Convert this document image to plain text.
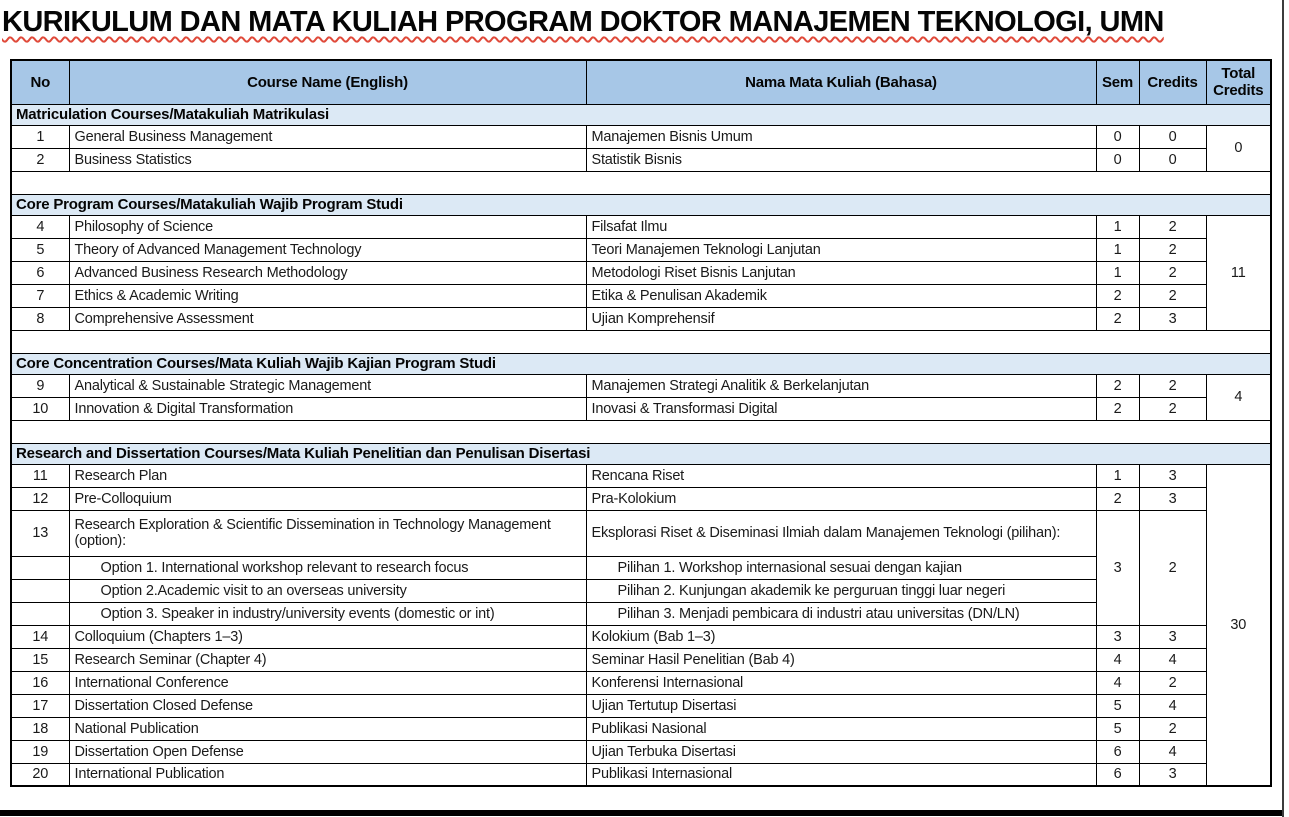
KURIKULUM DAN MATA KULIAH PROGRAM DOKTOR MANAJEMEN TEKNOLOGI, UMN
No	Course Name (English)	Nama Mata Kuliah (Bahasa)	Sem	Credits	Total Credits
Matriculation Courses/Matakuliah Matrikulasi					
1	General Business Management	Manajemen Bisnis Umum	0	0	0
2	Business Statistics	Statistik Bisnis	0	0	

Core Program Courses/Matakuliah Wajib Program Studi					
4	Philosophy of Science	Filsafat Ilmu	1	2	11
5	Theory of Advanced Management Technology	Teori Manajemen Teknologi Lanjutan	1	2	
6	Advanced Business Research Methodology	Metodologi Riset Bisnis Lanjutan	1	2	
7	Ethics & Academic Writing	Etika & Penulisan Akademik	2	2	
8	Comprehensive Assessment	Ujian Komprehensif	2	3	

Core Concentration Courses/Mata Kuliah Wajib Kajian Program Studi					
9	Analytical & Sustainable Strategic Management	Manajemen Strategi Analitik & Berkelanjutan	2	2	4
10	Innovation & Digital Transformation	Inovasi & Transformasi Digital	2	2	

Research and Dissertation Courses/Mata Kuliah Penelitian dan Penulisan Disertasi					
11	Research Plan	Rencana Riset	1	3	30
12	Pre-Colloquium	Pra-Kolokium	2	3	
13	Research Exploration & Scientific Dissemination in Technology Management (option):	Eksplorasi Riset & Diseminasi Ilmiah dalam Manajemen Teknologi (pilihan):	3	2	
	Option 1. International workshop relevant to research focus	Pilihan 1. Workshop internasional sesuai dengan kajian			
	Option 2.Academic visit to an overseas university	Pilihan 2. Kunjungan akademik ke perguruan tinggi luar negeri			
	Option 3. Speaker in industry/university events (domestic or int)	Pilihan 3. Menjadi pembicara di industri atau universitas (DN/LN)			
14	Colloquium (Chapters 1–3)	Kolokium (Bab 1–3)	3	3	
15	Research Seminar (Chapter 4)	Seminar Hasil Penelitian (Bab 4)	4	4	
16	International Conference	Konferensi Internasional	4	2	
17	Dissertation Closed Defense	Ujian Tertutup Disertasi	5	4	
18	National Publication	Publikasi Nasional	5	2	
19	Dissertation Open Defense	Ujian Terbuka Disertasi	6	4	
20	International Publication	Publikasi Internasional	6	3	
